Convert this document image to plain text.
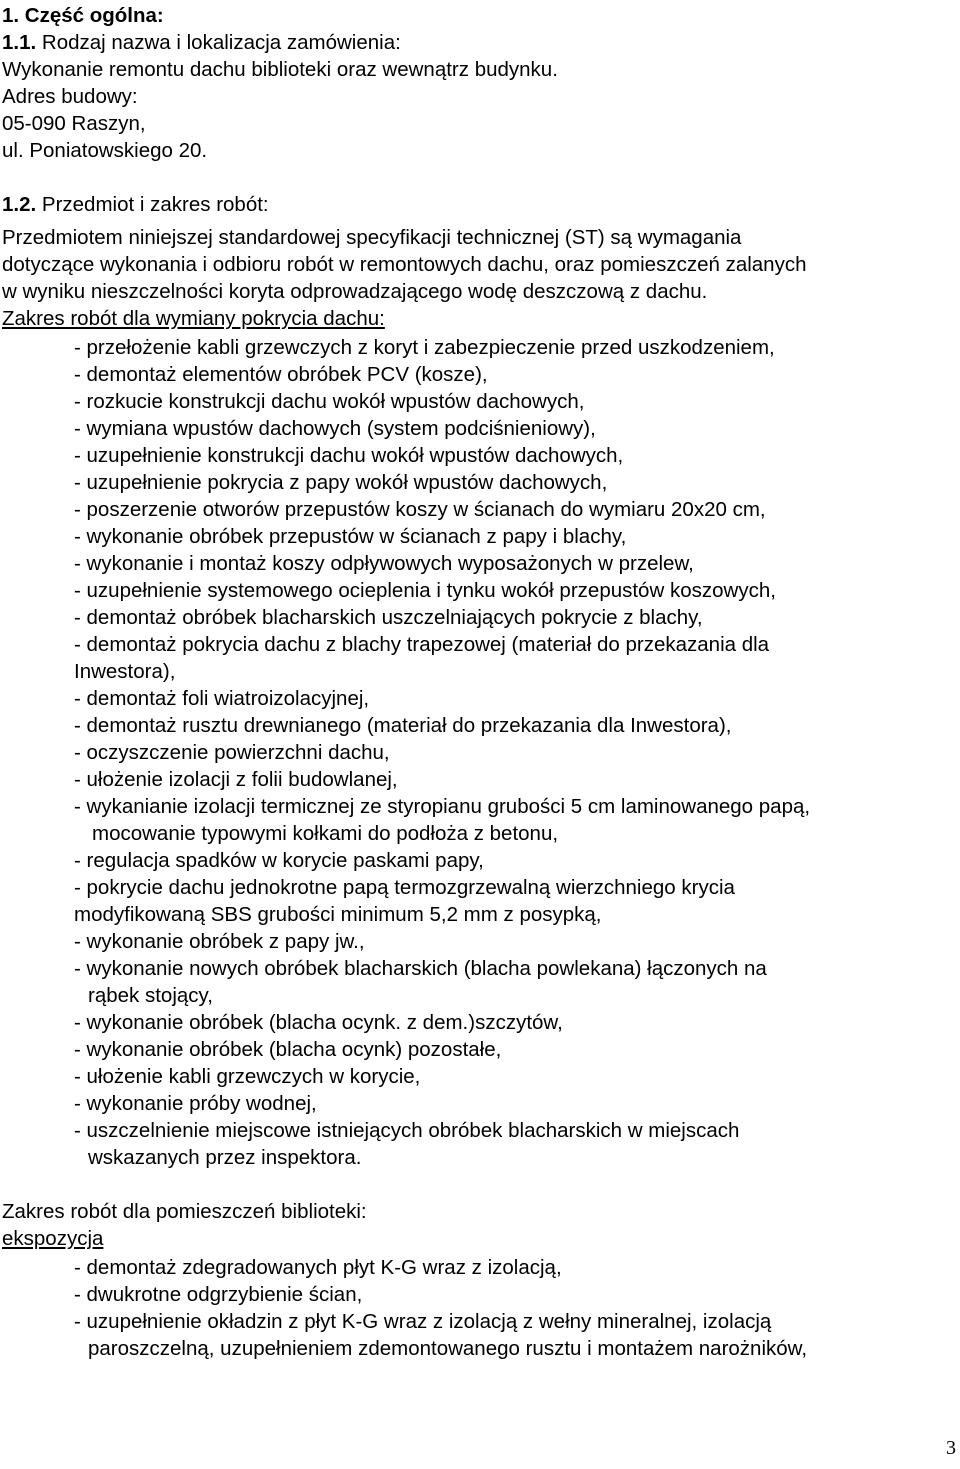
1. Część ogólna:
1.1. Rodzaj nazwa i lokalizacja zamówienia:
Wykonanie remontu dachu biblioteki oraz wewnątrz budynku.
Adres budowy:
05-090 Raszyn,
ul. Poniatowskiego 20.
1.2. Przedmiot i zakres robót:
Przedmiotem niniejszej standardowej specyfikacji technicznej (ST) są wymagania
dotyczące wykonania i odbioru robót w remontowych dachu, oraz pomieszczeń zalanych
w wyniku nieszczelności koryta odprowadzającego wodę deszczową z dachu.
Zakres robót dla wymiany pokrycia dachu:
- przełożenie kabli grzewczych z koryt i zabezpieczenie przed uszkodzeniem,
- demontaż elementów obróbek PCV (kosze),
- rozkucie konstrukcji dachu wokół wpustów dachowych,
- wymiana wpustów dachowych (system podciśnieniowy),
- uzupełnienie konstrukcji dachu wokół wpustów dachowych,
- uzupełnienie pokrycia z papy wokół wpustów dachowych,
- poszerzenie otworów przepustów koszy w ścianach do wymiaru 20x20 cm,
- wykonanie obróbek przepustów w ścianach z papy i blachy,
- wykonanie i montaż koszy odpływowych wyposażonych w przelew,
- uzupełnienie systemowego ocieplenia i tynku wokół przepustów koszowych,
- demontaż obróbek blacharskich uszczelniających pokrycie z blachy,
- demontaż pokrycia dachu z blachy trapezowej (materiał do przekazania dla
Inwestora),
- demontaż foli wiatroizolacyjnej,
- demontaż rusztu drewnianego (materiał do przekazania dla Inwestora),
- oczyszczenie powierzchni dachu,
- ułożenie izolacji z folii budowlanej,
- wykanianie izolacji termicznej ze styropianu grubości 5 cm laminowanego papą,
mocowanie typowymi kołkami do podłoża z betonu,
- regulacja spadków w korycie paskami papy,
- pokrycie dachu jednokrotne papą termozgrzewalną wierzchniego krycia
modyfikowaną SBS grubości minimum 5,2 mm z posypką,
- wykonanie obróbek z papy jw.,
- wykonanie nowych obróbek blacharskich (blacha powlekana) łączonych na
rąbek stojący,
- wykonanie obróbek (blacha ocynk. z dem.)szczytów,
- wykonanie obróbek (blacha ocynk) pozostałe,
- ułożenie kabli grzewczych w korycie,
- wykonanie próby wodnej,
- uszczelnienie miejscowe istniejących obróbek blacharskich w miejscach
wskazanych przez inspektora.
Zakres robót dla pomieszczeń biblioteki:
ekspozycja
- demontaż zdegradowanych płyt K-G wraz z izolacją,
- dwukrotne odgrzybienie ścian,
- uzupełnienie okładzin z płyt K-G wraz z izolacją z wełny mineralnej, izolacją
paroszczelną, uzupełnieniem zdemontowanego rusztu i montażem narożników,
3
